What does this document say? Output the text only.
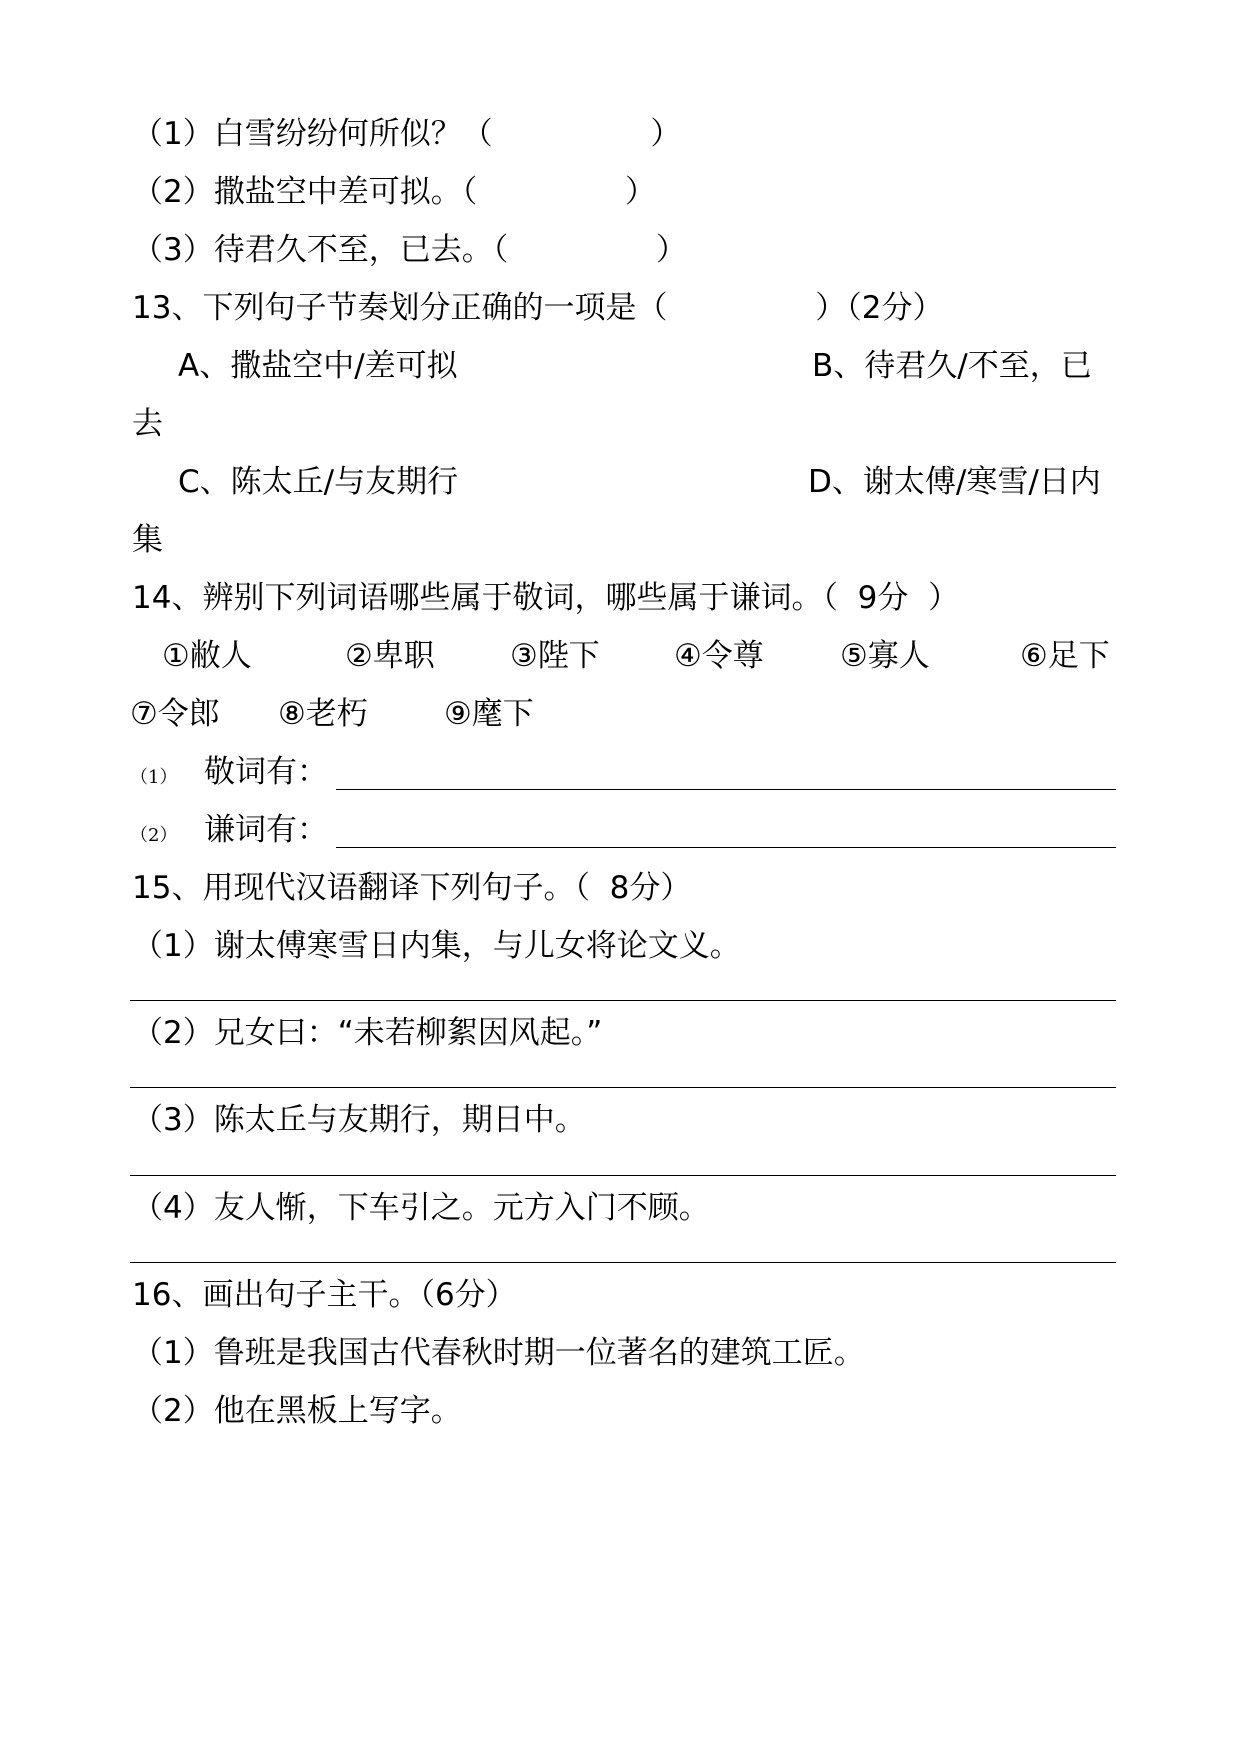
（1）白雪纷纷何所似？（                ）
（2）撒盐空中差可拟。（               ）
（3）待君久不至，已去。（               ）
13、下列句子节奏划分正确的一项是（               ）（2分）
A、撒盐空中/差可拟	B、待君久/不至，已
去
C、陈太丘/与友期行	D、谢太傅/寒雪/日内
集
14、辨别下列词语哪些属于敬词，哪些属于谦词。（  9分  ）
①敝人	②卑职 ③陛下 ④令尊 ⑤寡人	⑥足下
⑦令郎 ⑧老朽 ⑨麾下
（1） 敬词有：
（2） 谦词有：
15、用现代汉语翻译下列句子。（  8分）
（1）谢太傅寒雪日内集，与儿女将论文义。
（2）兄女曰：“未若柳絮因风起。”
（3）陈太丘与友期行，期日中。
（4）友人惭，下车引之。元方入门不顾。
16、画出句子主干。（6分）
（1）鲁班是我国古代春秋时期一位著名的建筑工匠。
（2）他在黑板上写字。
